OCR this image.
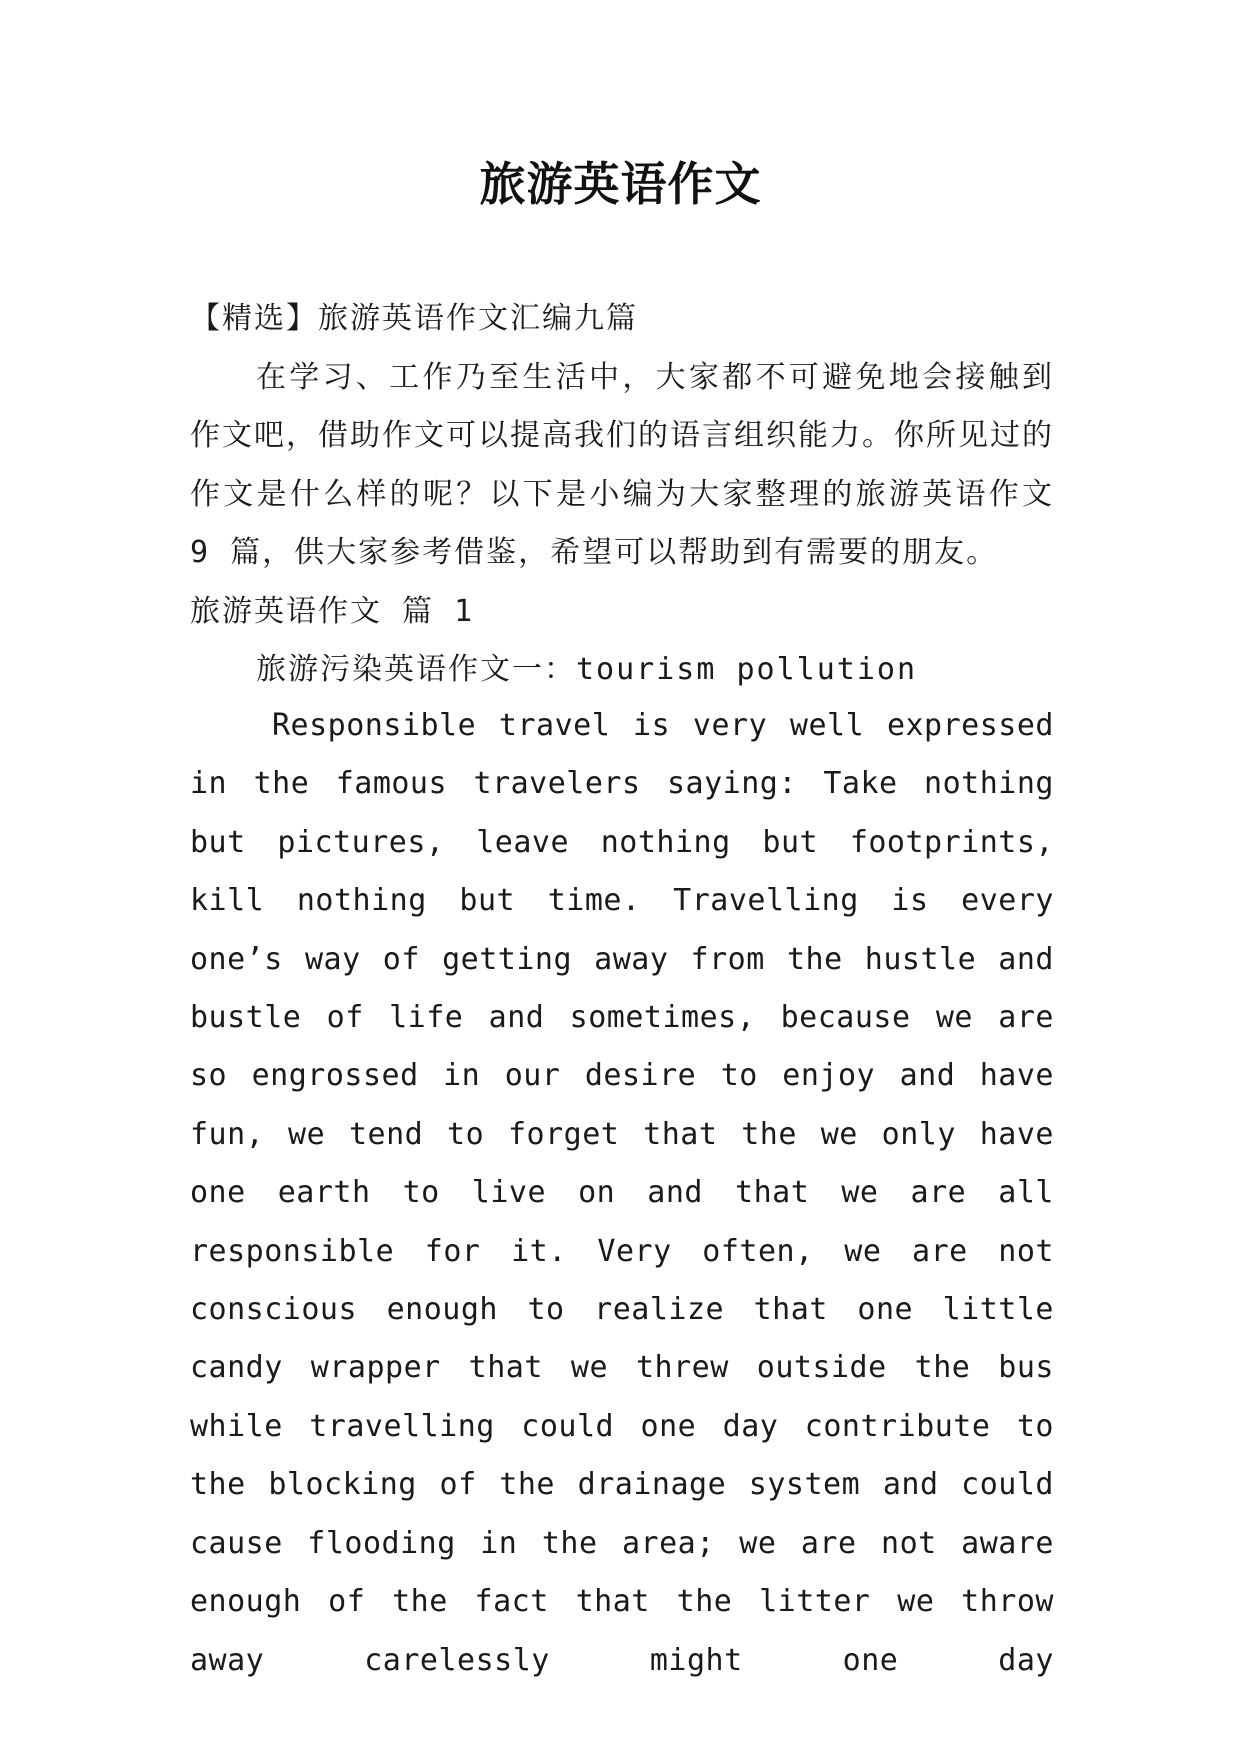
旅游英语作文

【精选】旅游英语作文汇编九篇

在学习、工作乃至生活中，大家都不可避免地会接触到作文吧，借助作文可以提高我们的语言组织能力。你所见过的作文是什么样的呢？以下是小编为大家整理的旅游英语作文 9 篇，供大家参考借鉴，希望可以帮助到有需要的朋友。

旅游英语作文 篇 1

旅游污染英语作文一：tourism pollution

Responsible travel is very well expressed in the famous travelers saying: Take nothing but pictures, leave nothing but footprints, kill nothing but time. Travelling is every one’s way of getting away from the hustle and bustle of life and sometimes, because we are so engrossed in our desire to enjoy and have fun, we tend to forget that the we only have one earth to live on and that we are all responsible for it. Very often, we are not conscious enough to realize that one little candy wrapper that we threw outside the bus while travelling could one day contribute to the blocking of the drainage system and could cause flooding in the area; we are not aware enough of the fact that the litter we throw away carelessly might one day
